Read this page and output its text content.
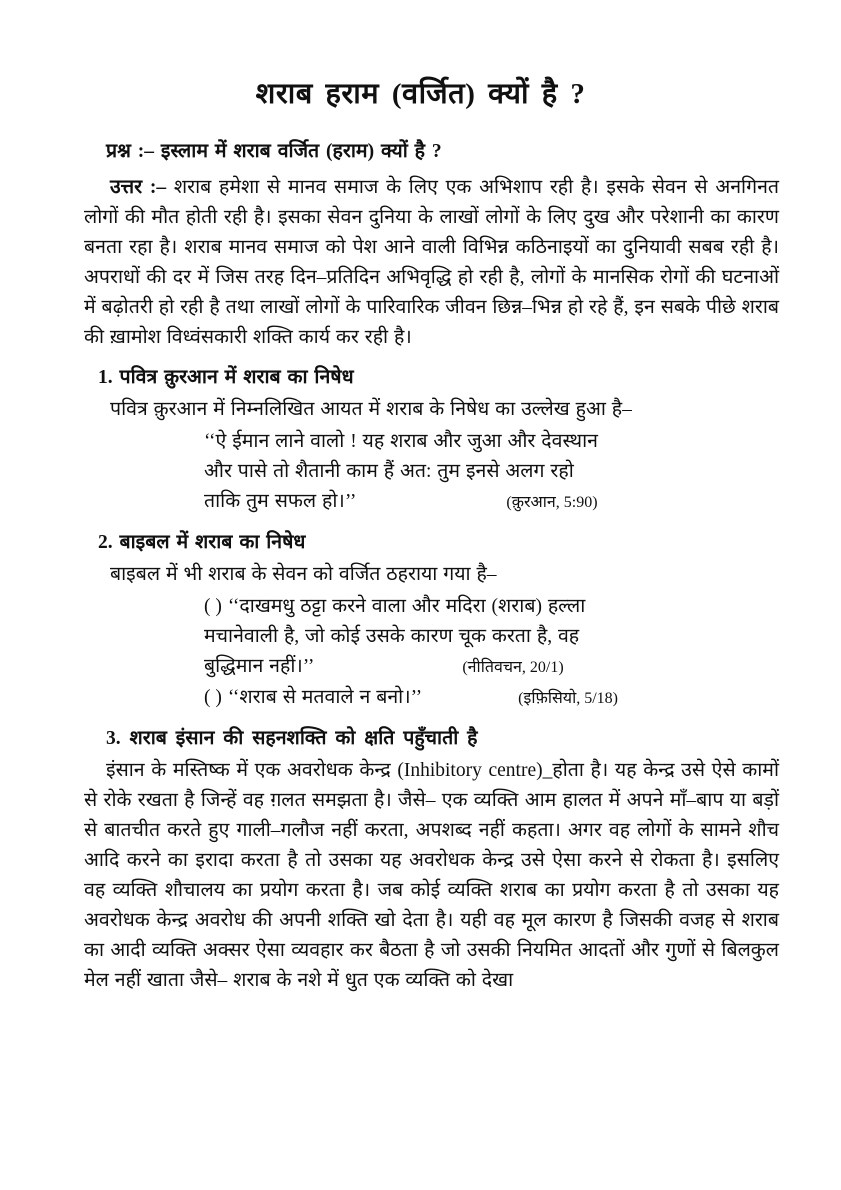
शराब हराम (वर्जित) क्यों है ?

प्रश्न :– इस्लाम में शराब वर्जित (हराम) क्यों है ?

उत्तर :– शराब हमेशा से मानव समाज के लिए एक अभिशाप रही है। इसके सेवन से अनगिनत लोगों की मौत होती रही है। इसका सेवन दुनिया के लाखों लोगों के लिए दुख और परेशानी का कारण बनता रहा है। शराब मानव समाज को पेश आने वाली विभिन्न कठिनाइयों का दुनियावी सबब रही है। अपराधों की दर में जिस तरह दिन–प्रतिदिन अभिवृद्धि हो रही है, लोगों के मानसिक रोगों की घटनाओं में बढ़ोतरी हो रही है तथा लाखों लोगों के पारिवारिक जीवन छिन्न–भिन्न हो रहे हैं, इन सबके पीछे शराब की ख़ामोश विध्वंसकारी शक्ति कार्य कर रही है।

1. पवित्र क़ुरआन में शराब का निषेध

पवित्र क़ुरआन में निम्नलिखित आयत में शराब के निषेध का उल्लेख हुआ है–

‘‘ऐ ईमान लाने वालो ! यह शराब और जुआ और देवस्थान
और पासे तो शैतानी काम हैं अत: तुम इनसे अलग रहो
ताकि तुम सफल हो।’’	(क़ुरआन, 5:90)
2. बाइबल में शराब का निषेध

बाइबल में भी शराब के सेवन को वर्जित ठहराया गया है–

( ) ‘‘दाखमधु ठट्टा करने वाला और मदिरा (शराब) हल्ला
मचानेवाली है, जो कोई उसके कारण चूक करता है, वह
बुद्धिमान नहीं।’’	(नीतिवचन, 20/1)
( ) ‘‘शराब से मतवाले न बनो।’’	(इफ़िसियो, 5/18)
3. शराब इंसान की सहनशक्ति को क्षति पहुँचाती है

इंसान के मस्तिष्क में एक अवरोधक केन्द्र (Inhibitory centre)_होता है। यह केन्द्र उसे ऐसे कामों से रोके रखता है जिन्हें वह ग़लत समझता है। जैसे– एक व्यक्ति आम हालत में अपने माँ–बाप या बड़ों से बातचीत करते हुए गाली–गलौज नहीं करता, अपशब्द नहीं कहता। अगर वह लोगों के सामने शौच आदि करने का इरादा करता है तो उसका यह अवरोधक केन्द्र उसे ऐसा करने से रोकता है। इसलिए वह व्यक्ति शौचालय का प्रयोग करता है। जब कोई व्यक्ति शराब का प्रयोग करता है तो उसका यह अवरोधक केन्द्र अवरोध की अपनी शक्ति खो देता है। यही वह मूल कारण है जिसकी वजह से शराब का आदी व्यक्ति अक्सर ऐसा व्यवहार कर बैठता है जो उसकी नियमित आदतों और गुणों से बिलकुल मेल नहीं खाता जैसे– शराब के नशे में धुत एक व्यक्ति को देखा
